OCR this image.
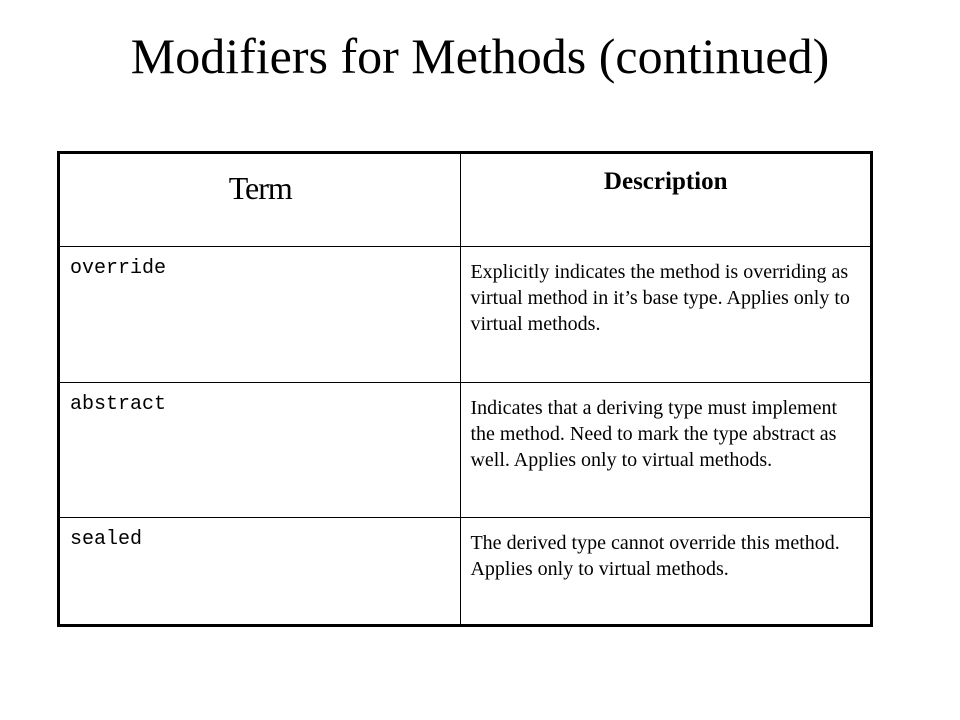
Modifiers for Methods (continued)
Term	Description
override	Explicitly indicates the method is overriding as virtual method in it’s base type. Applies only to virtual methods.
abstract	Indicates that a deriving type must implement the method. Need to mark the type abstract as well. Applies only to virtual methods.
sealed	The derived type cannot override this method. Applies only to virtual methods.
